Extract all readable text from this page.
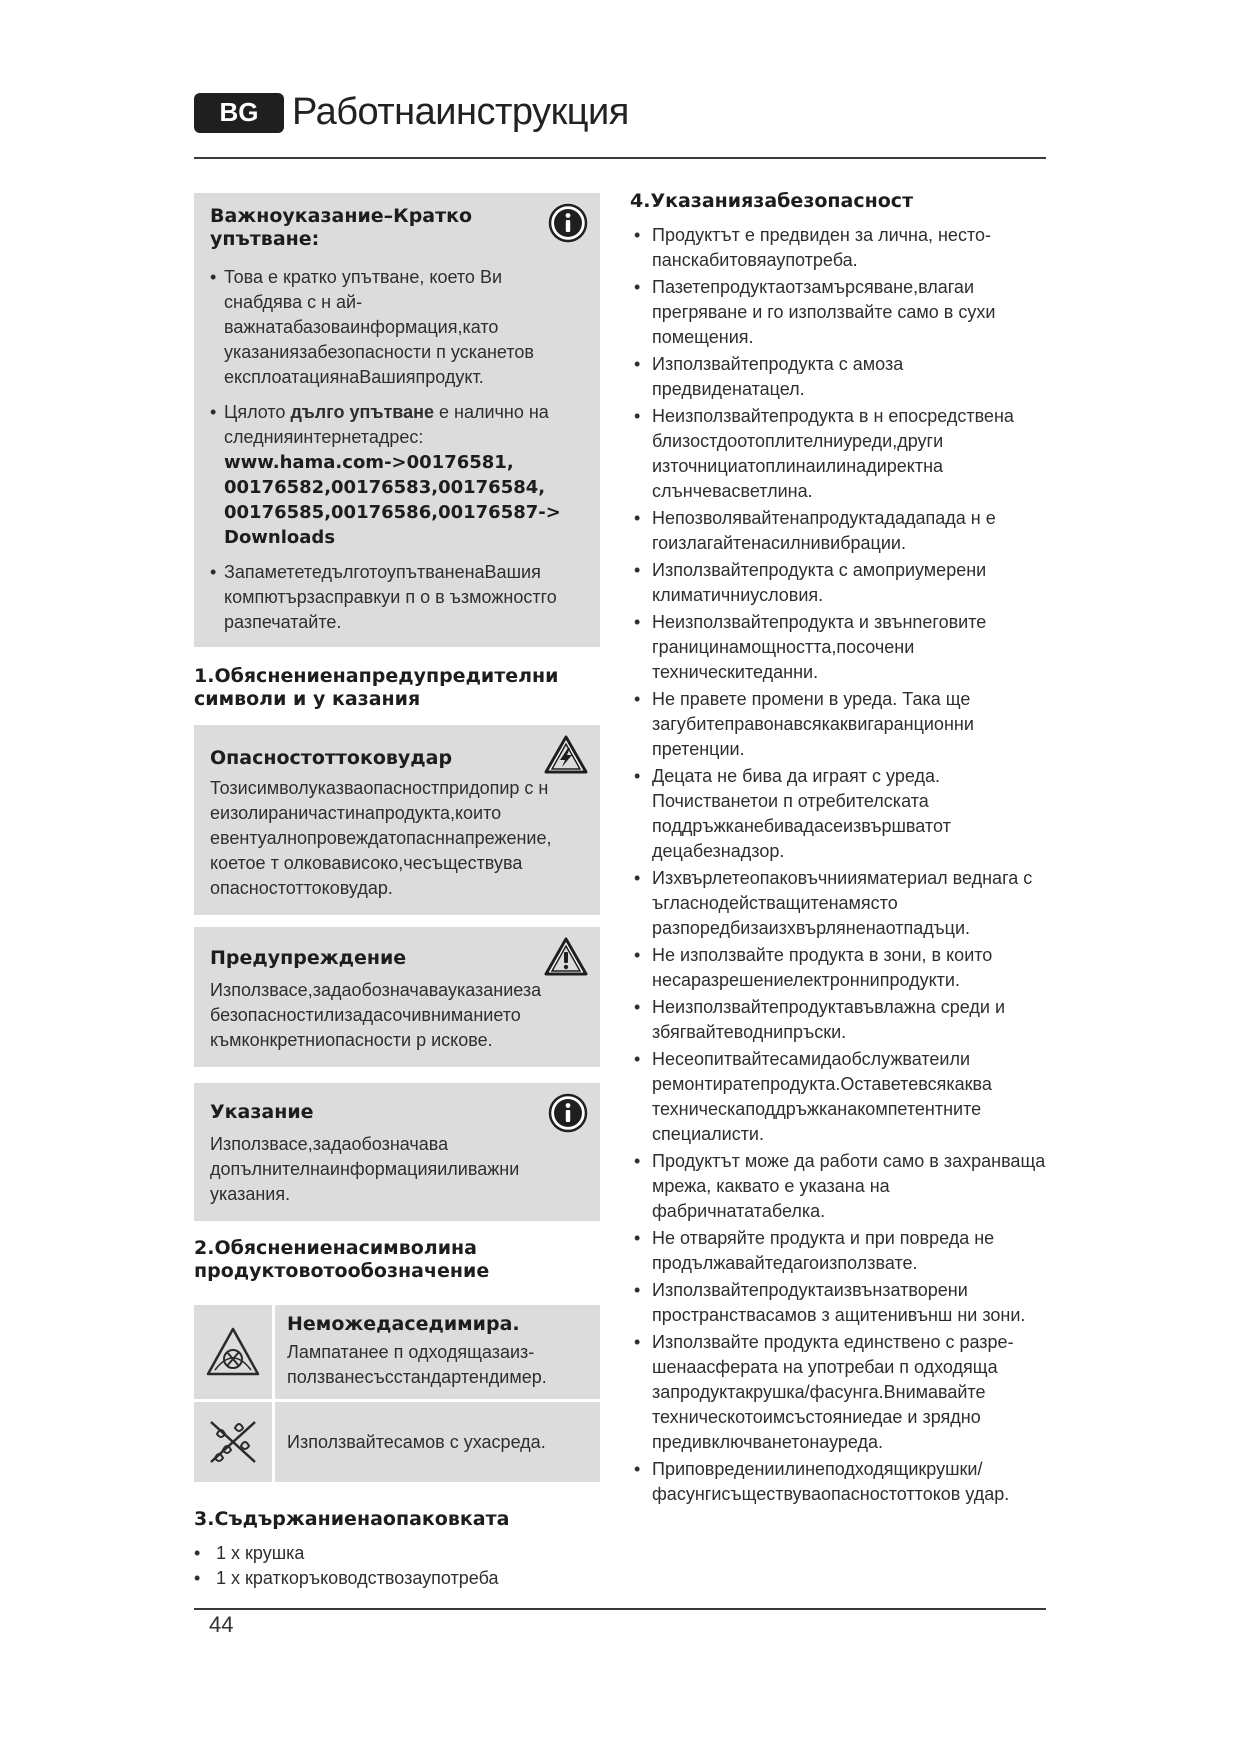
BG Работнаинструкция
Важноуказание–Кратко упътване:
• Това е кратко упътване, което Ви снабдява с н ай-важнатабазоваинформация,като указаниязабезопасности п усканетов експлоатациянаВашияпродукт.
• Цялото дълго упътване е налично на следнияинтернетадрес:
www.hama.com->00176581, 00176582,00176583,00176584, 00176585,00176586,00176587-> Downloads
• ЗапамететедълготоупътваненаВашия компютързасправкуи п о в ъзможностго разпечатайте.
1.Обяснениенапредупредителни символи и у казания
Опасностоттоковудар
Тозисимволуказваопасностпридопир с н еизолираничастинапродукта,които евентуалнопровеждатопасннапрежение, коетое т олковависоко,чесъществува опасностоттоковудар.
Предупреждение
Използвасе,задаобозначавауказаниеза безопасностилизадасочивниманието къмконкретниопасности р искове.
Указание
Използвасе,задаобозначава допълнителнаинформацияиливажни указания.
2.Обяснениенасимволина продуктовотообозначение
Неможедаседимира.
Лампатанее п одходящазаиз- ползванесъсстандартендимер.
Използвайтесамов с ухасреда.
3.Съдържаниенаопаковката
• 1 x крушка
• 1 x краткоръководствозаупотреба
4.Указаниязабезопасност
• Продуктът е предвиден за лична, несто- панскабитовяаупотреба.
• Пазетепродуктаотзамърсяване,влагаи прегряване и го използвайте само в сухи помещения.
• Използвайтепродукта с амоза предвиденатацел.
• Неизползвайтепродукта в н епосредствена близостдоотоплителниуреди,други източнициатоплинаилинадиректна слънчевасветлина.
• Непозволявайтенапродуктададапада н е гоизлагайтенасилнивибрации.
• Използвайтепродукта с амоприумерени климатичниусловия.
• Неизползвайтепродукта и звънneговите границинамощността,посочени техническитеданни.
• Не правете промени в уреда. Така ще загубитеправонавсякаквигаранционни претенции.
• Децата не бива да играят с уреда. Почистванетои п отребителската поддръжканебивадасеизвършватот децабезнадзор.
• Изхвърлетеопаковъчниияматериал веднага с ъгласнодействащитенамясто разпоредбизаизхвърляненаотпадъци.
• Не използвайте продукта в зони, в които несаразрешениелектроннипродукти.
• Неизползвайтепродуктавъвлажна среди и збягвайтеводнипръски.
• Несеопитвайтесамидаобслужватеили ремонтиратепродукта.Оставетевсякаква техническаподдръжканакомпетентните специалисти.
• Продуктът може да работи само в захранваща мрежа, каквато е указана на фабричнататабелка.
• Не отваряйте продукта и при повреда не продължавайтедагоизползвате.
• Използвайтепродуктаизвънзатворени пространствасамов з ащитенивънш ни зони.
• Използвайте продукта единствено с разре- шенаасферата на употребаи п одходяща запродуктакрушка/фасунга.Внимавайте техническотоимсъстояниедае и зрядно предивключванетонауреда.
• Приповредениилинеподходящикрушки/ фасунгисъществуваопасностоттоков удар.
44
